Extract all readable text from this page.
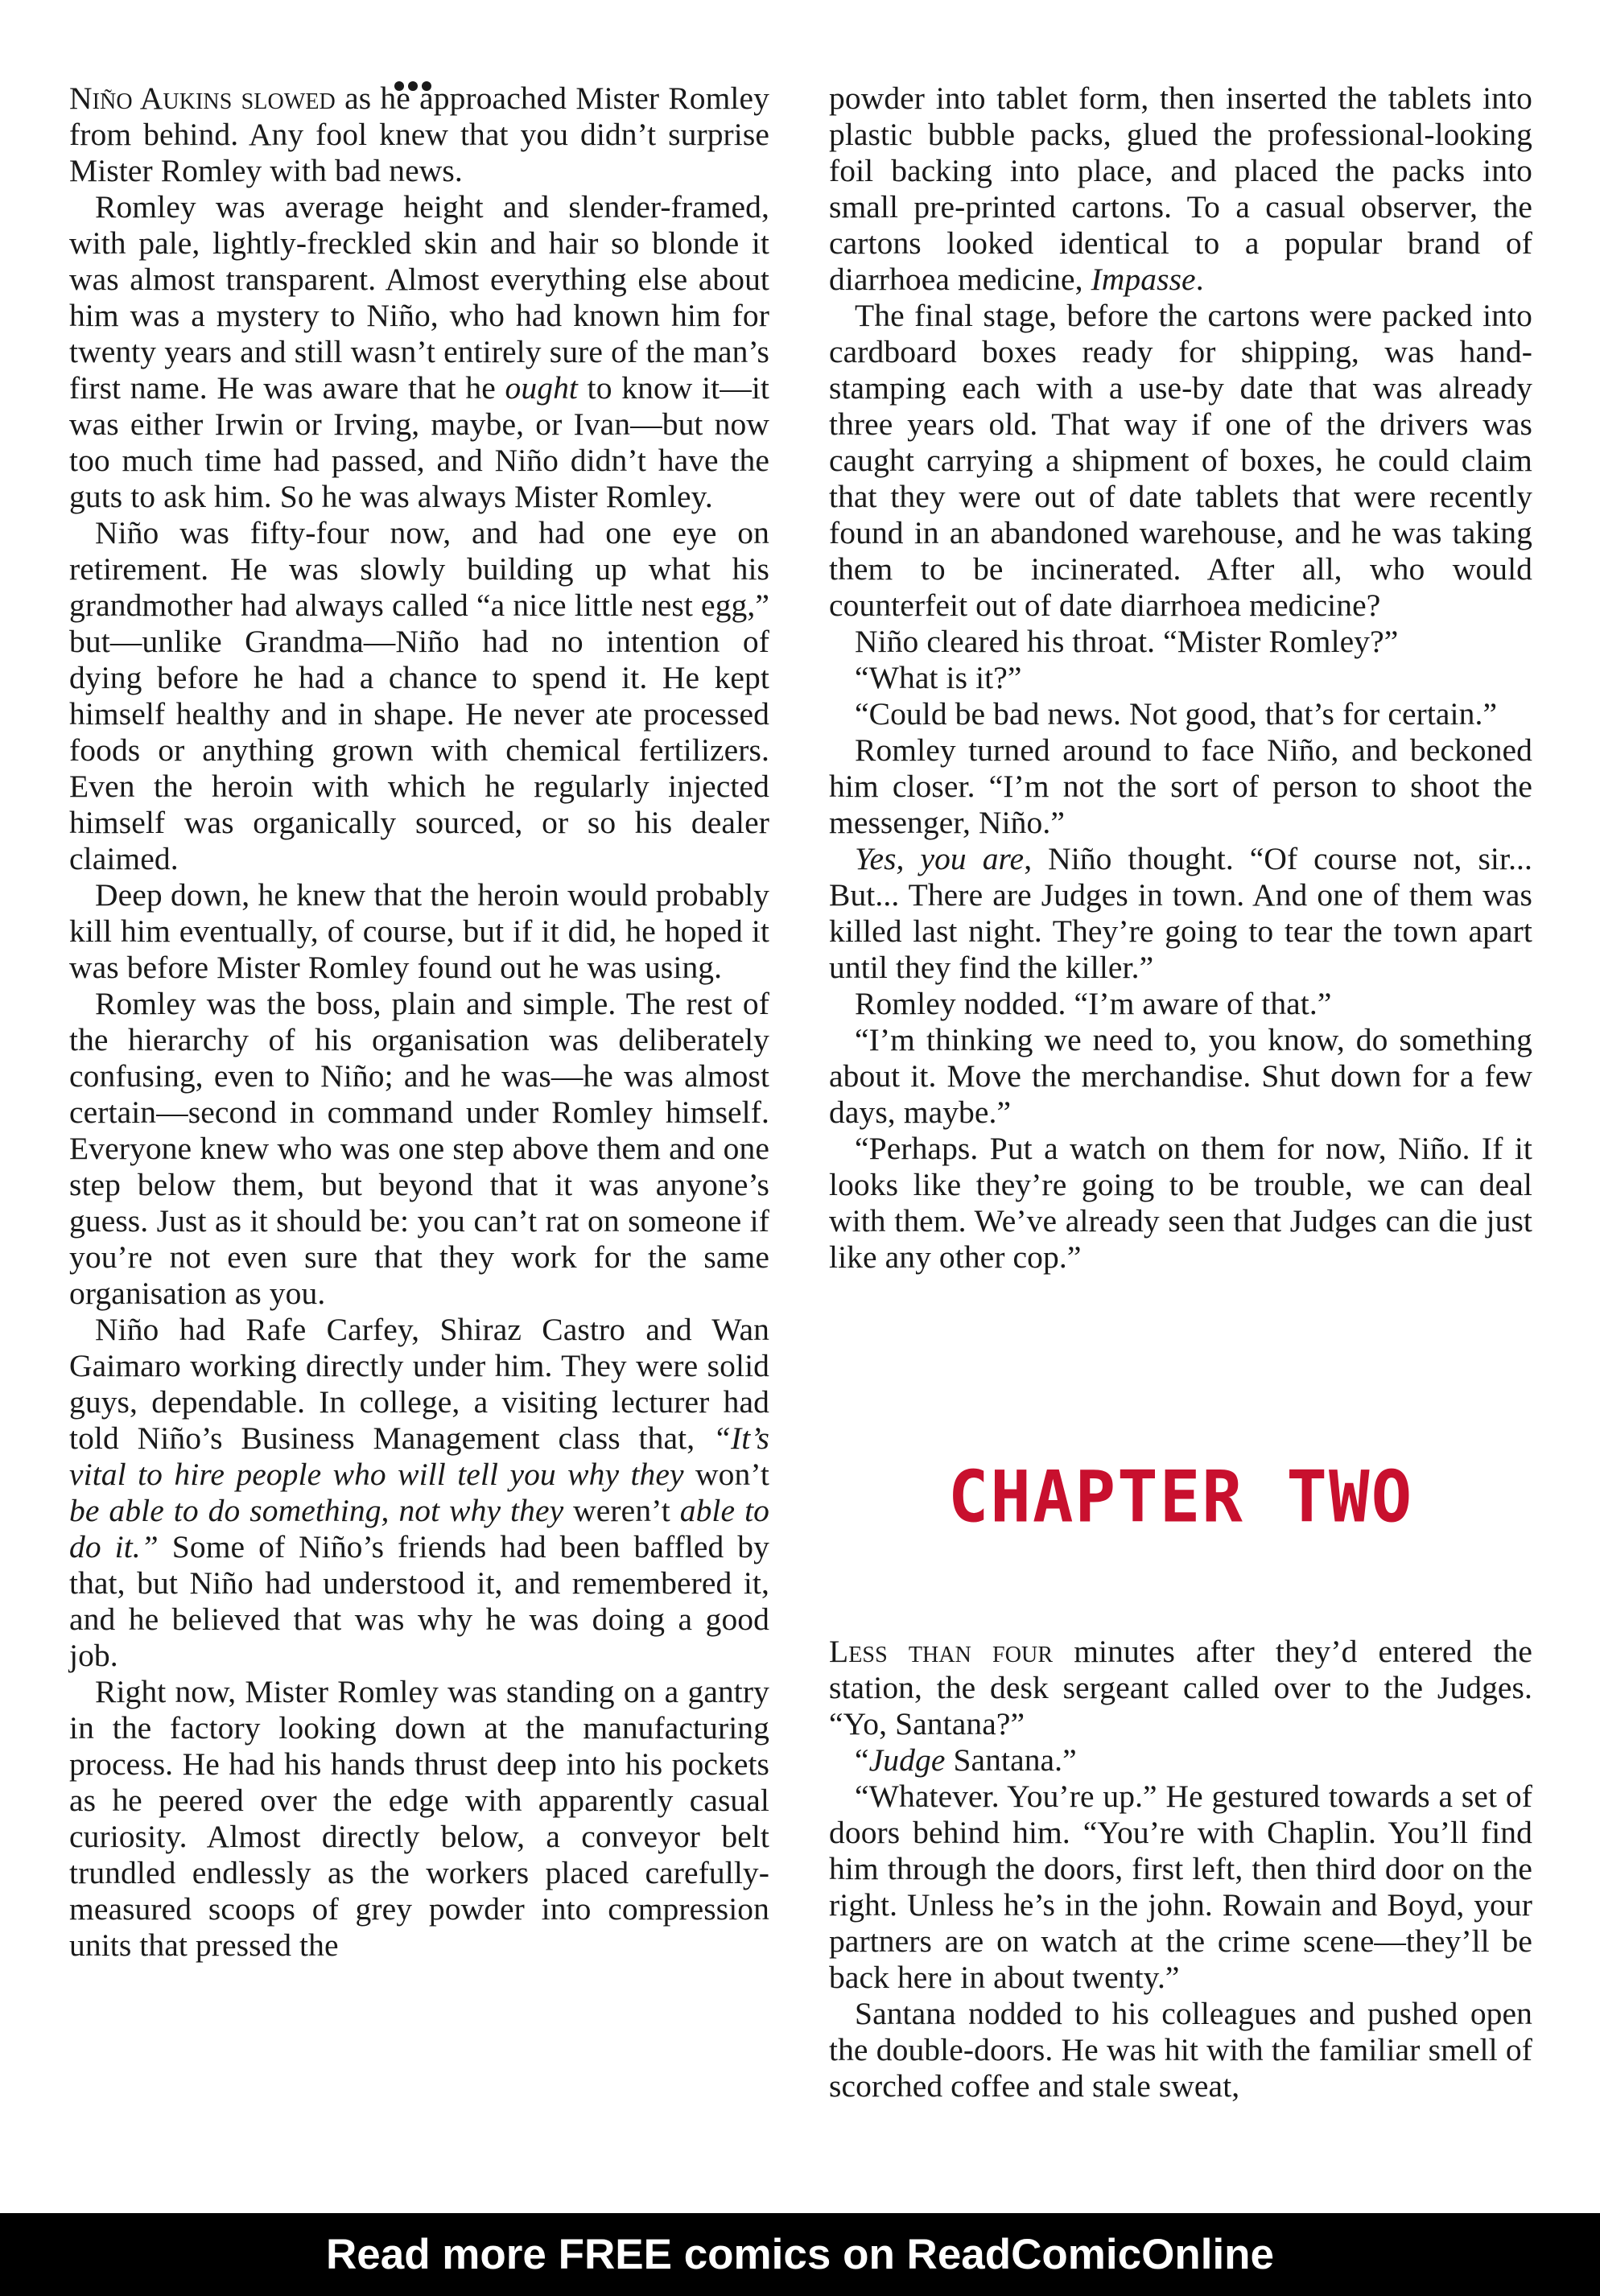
Niño Aukins slowed as he approached Mister Romley from behind. Any fool knew that you didn’t surprise Mister Romley with bad news.

Romley was average height and slender-framed, with pale, lightly-freckled skin and hair so blonde it was almost transparent. Almost everything else about him was a mystery to Niño, who had known him for twenty years and still wasn’t entirely sure of the man’s first name. He was aware that he ought to know it—it was either Irwin or Irving, maybe, or Ivan—but now too much time had passed, and Niño didn’t have the guts to ask him. So he was always Mister Romley.

Niño was fifty-four now, and had one eye on retirement. He was slowly building up what his grandmother had always called “a nice little nest egg,” but—unlike Grandma—Niño had no intention of dying before he had a chance to spend it. He kept himself healthy and in shape. He never ate processed foods or anything grown with chemical fertilizers. Even the heroin with which he regularly injected himself was organically sourced, or so his dealer claimed.

Deep down, he knew that the heroin would probably kill him eventually, of course, but if it did, he hoped it was before Mister Romley found out he was using.

Romley was the boss, plain and simple. The rest of the hierarchy of his organisation was deliberately confusing, even to Niño; and he was—he was almost certain—second in command under Romley himself. Everyone knew who was one step above them and one step below them, but beyond that it was anyone’s guess. Just as it should be: you can’t rat on someone if you’re not even sure that they work for the same organisation as you.

Niño had Rafe Carfey, Shiraz Castro and Wan Gaimaro working directly under him. They were solid guys, dependable. In college, a visiting lecturer had told Niño’s Business Management class that, “It’s vital to hire people who will tell you why they won’t be able to do something, not why they weren’t able to do it.” Some of Niño’s friends had been baffled by that, but Niño had understood it, and remembered it, and he believed that was why he was doing a good job.

Right now, Mister Romley was standing on a gantry in the factory looking down at the manufacturing process. He had his hands thrust deep into his pockets as he peered over the edge with apparently casual curiosity. Almost directly below, a conveyor belt trundled endlessly as the workers placed carefully-measured scoops of grey powder into compression units that pressed the

powder into tablet form, then inserted the tablets into plastic bubble packs, glued the professional-looking foil backing into place, and placed the packs into small pre-printed cartons. To a casual observer, the cartons looked identical to a popular brand of diarrhoea medicine, Impasse.

The final stage, before the cartons were packed into cardboard boxes ready for shipping, was hand-stamping each with a use-by date that was already three years old. That way if one of the drivers was caught carrying a shipment of boxes, he could claim that they were out of date tablets that were recently found in an abandoned warehouse, and he was taking them to be incinerated. After all, who would counterfeit out of date diarrhoea medicine?

Niño cleared his throat. “Mister Romley?”

“What is it?”

“Could be bad news. Not good, that’s for certain.”

Romley turned around to face Niño, and beckoned him closer. “I’m not the sort of person to shoot the messenger, Niño.”

Yes, you are, Niño thought. “Of course not, sir... But... There are Judges in town. And one of them was killed last night. They’re going to tear the town apart until they find the killer.”

Romley nodded. “I’m aware of that.”

“I’m thinking we need to, you know, do something about it. Move the merchandise. Shut down for a few days, maybe.”

“Perhaps. Put a watch on them for now, Niño. If it looks like they’re going to be trouble, we can deal with them. We’ve already seen that Judges can die just like any other cop.”

CHAPTER TWO

Less than four minutes after they’d entered the station, the desk sergeant called over to the Judges. “Yo, Santana?”

“Judge Santana.”

“Whatever. You’re up.” He gestured towards a set of doors behind him. “You’re with Chaplin. You’ll find him through the doors, first left, then third door on the right. Unless he’s in the john. Rowain and Boyd, your partners are on watch at the crime scene—they’ll be back here in about twenty.”

Santana nodded to his colleagues and pushed open the double-doors. He was hit with the familiar smell of scorched coffee and stale sweat,

Read more FREE comics on ReadComicOnline
